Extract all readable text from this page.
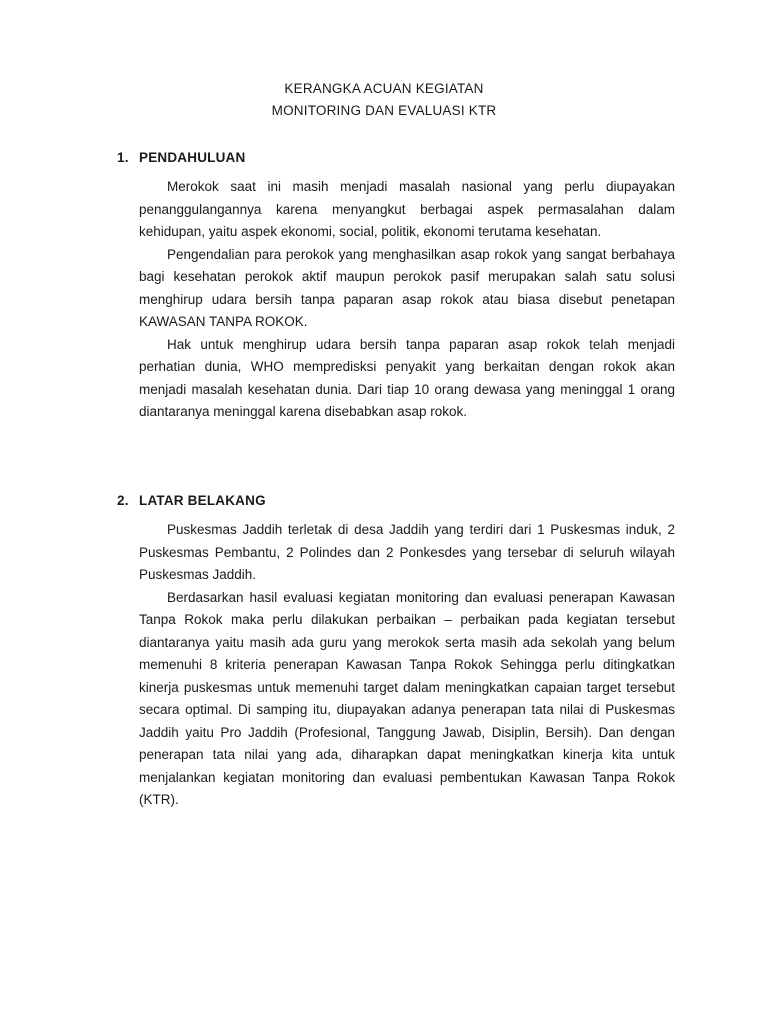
KERANGKA ACUAN KEGIATAN
MONITORING DAN EVALUASI KTR
1. PENDAHULUAN

Merokok saat ini masih menjadi masalah nasional yang perlu diupayakan penanggulangannya karena menyangkut berbagai aspek permasalahan dalam kehidupan, yaitu aspek ekonomi, social, politik, ekonomi terutama kesehatan.

Pengendalian para perokok yang menghasilkan asap rokok yang sangat berbahaya bagi kesehatan perokok aktif maupun perokok pasif merupakan salah satu solusi menghirup udara bersih tanpa paparan asap rokok atau biasa disebut penetapan KAWASAN TANPA ROKOK.

Hak untuk menghirup udara bersih tanpa paparan asap rokok telah menjadi perhatian dunia, WHO mempredisksi penyakit yang berkaitan dengan rokok akan menjadi masalah kesehatan dunia. Dari tiap 10 orang dewasa yang meninggal 1 orang diantaranya meninggal karena disebabkan asap rokok.

2. LATAR BELAKANG

Puskesmas Jaddih terletak di desa Jaddih yang terdiri dari 1 Puskesmas induk, 2 Puskesmas Pembantu, 2 Polindes dan 2 Ponkesdes yang tersebar di seluruh wilayah Puskesmas Jaddih.

Berdasarkan hasil evaluasi kegiatan monitoring dan evaluasi penerapan Kawasan Tanpa Rokok maka perlu dilakukan perbaikan – perbaikan pada kegiatan tersebut diantaranya yaitu masih ada guru yang merokok serta masih ada sekolah yang belum memenuhi 8 kriteria penerapan Kawasan Tanpa Rokok Sehingga perlu ditingkatkan kinerja puskesmas untuk memenuhi target dalam meningkatkan capaian target tersebut secara optimal. Di samping itu, diupayakan adanya penerapan tata nilai di Puskesmas Jaddih yaitu Pro Jaddih (Profesional, Tanggung Jawab, Disiplin, Bersih). Dan dengan penerapan tata nilai yang ada, diharapkan dapat meningkatkan kinerja kita untuk menjalankan kegiatan monitoring dan evaluasi pembentukan Kawasan Tanpa Rokok (KTR).
